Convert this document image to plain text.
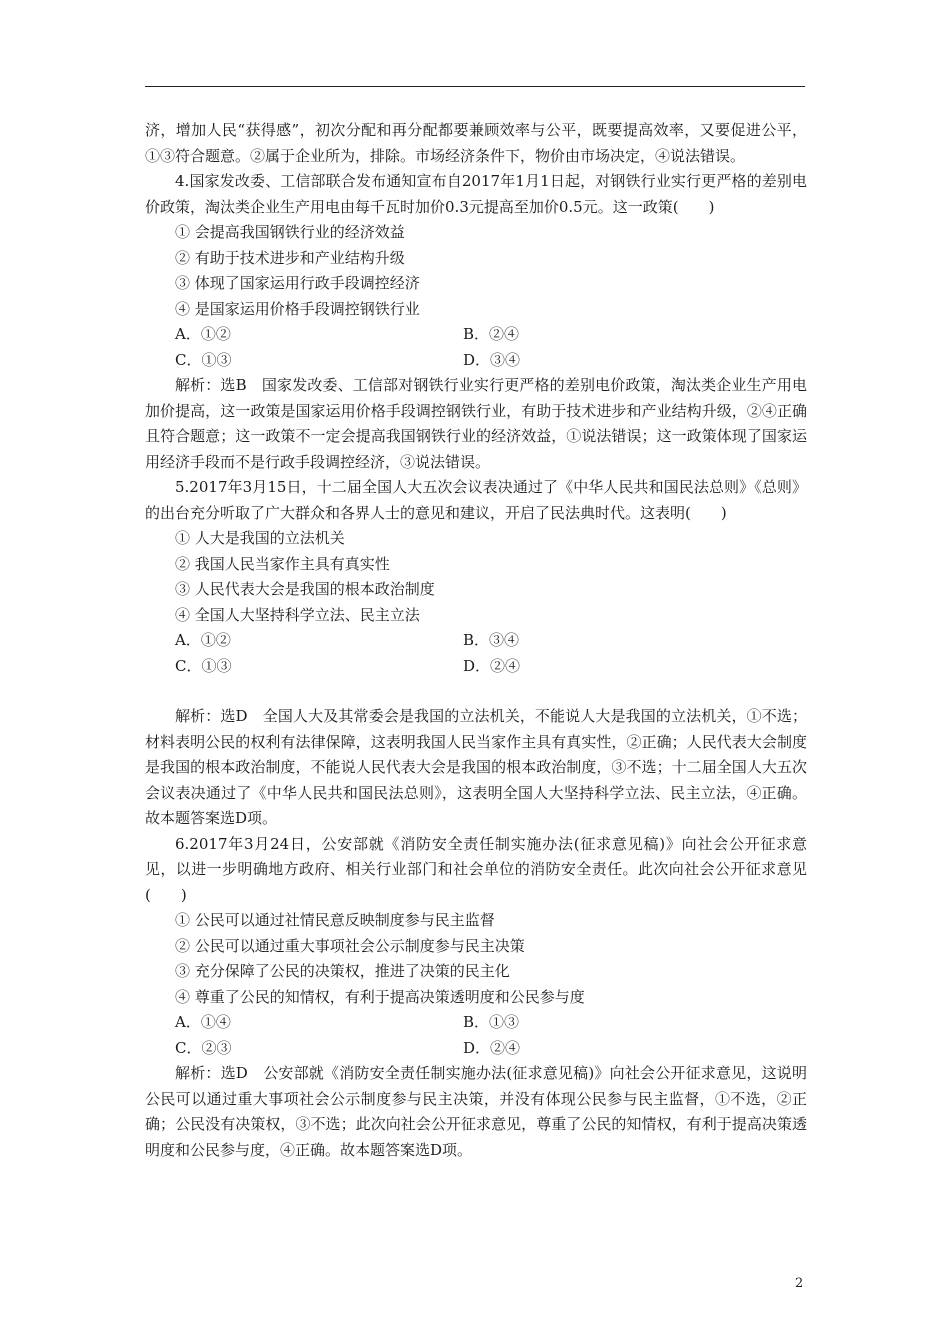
济，增加人民“获得感”，初次分配和再分配都要兼顾效率与公平，既要提高效率，又要促进公平，①③符合题意。②属于企业所为，排除。市场经济条件下，物价由市场决定，④说法错误。

4.国家发改委、工信部联合发布通知宣布自2017年1月1日起，对钢铁行业实行更严格的差别电价政策，淘汰类企业生产用电由每千瓦时加价0.3元提高至加价0.5元。这一政策(　　)

① 会提高我国钢铁行业的经济效益

② 有助于技术进步和产业结构升级

③ 体现了国家运用行政手段调控经济

④ 是国家运用价格手段调控钢铁行业

A．①②	B．②④
C．①③	D．③④

解析：选B　国家发改委、工信部对钢铁行业实行更严格的差别电价政策，淘汰类企业生产用电加价提高，这一政策是国家运用价格手段调控钢铁行业，有助于技术进步和产业结构升级，②④正确且符合题意；这一政策不一定会提高我国钢铁行业的经济效益，①说法错误；这一政策体现了国家运用经济手段而不是行政手段调控经济，③说法错误。

5.2017年3月15日，十二届全国人大五次会议表决通过了《中华人民共和国民法总则》《总则》的出台充分听取了广大群众和各界人士的意见和建议，开启了民法典时代。这表明(　　)

① 人大是我国的立法机关

② 我国人民当家作主具有真实性

③ 人民代表大会是我国的根本政治制度

④ 全国人大坚持科学立法、民主立法

A．①②	B．③④
C．①③	D．②④

解析：选D　全国人大及其常委会是我国的立法机关，不能说人大是我国的立法机关，①不选；材料表明公民的权利有法律保障，这表明我国人民当家作主具有真实性，②正确；人民代表大会制度是我国的根本政治制度，不能说人民代表大会是我国的根本政治制度，③不选；十二届全国人大五次会议表决通过了《中华人民共和国民法总则》，这表明全国人大坚持科学立法、民主立法，④正确。故本题答案选D项。

6.2017年3月24日，公安部就《消防安全责任制实施办法(征求意见稿)》向社会公开征求意见，以进一步明确地方政府、相关行业部门和社会单位的消防安全责任。此次向社会公开征求意见(　　)

① 公民可以通过社情民意反映制度参与民主监督

② 公民可以通过重大事项社会公示制度参与民主决策

③ 充分保障了公民的决策权，推进了决策的民主化

④ 尊重了公民的知情权，有利于提高决策透明度和公民参与度

A．①④	B．①③
C．②③	D．②④

解析：选D　公安部就《消防安全责任制实施办法(征求意见稿)》向社会公开征求意见，这说明公民可以通过重大事项社会公示制度参与民主决策，并没有体现公民参与民主监督，①不选，②正确；公民没有决策权，③不选；此次向社会公开征求意见，尊重了公民的知情权，有利于提高决策透明度和公民参与度，④正确。故本题答案选D项。

2
